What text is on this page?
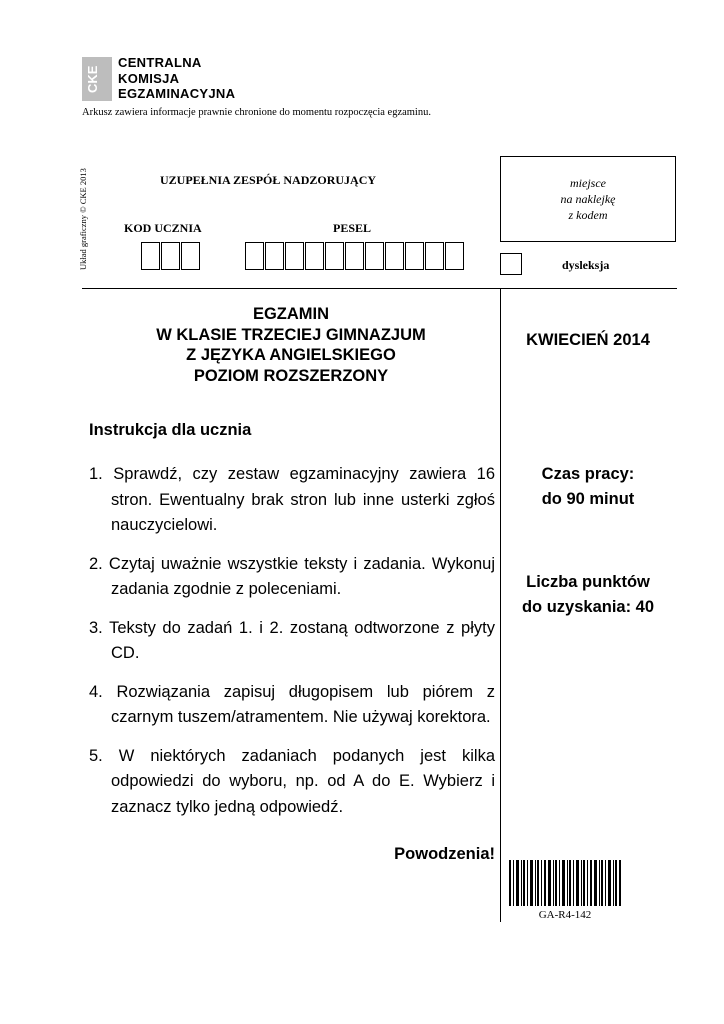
CKE
CENTRALNA
KOMISJA
EGZAMINACYJNA
Arkusz zawiera informacje prawnie chronione do momentu rozpoczęcia egzaminu.
Układ graficzny © CKE 2013	UZUPEŁNIA ZESPÓŁ NADZORUJĄCY
KOD UCZNIA	PESEL
miejsce
na naklejkę
z kodem
dysleksja
EGZAMIN
W KLASIE TRZECIEJ GIMNAZJUM
Z JĘZYKA ANGIELSKIEGO
POZIOM ROZSZERZONY
KWIECIEŃ 2014
Instrukcja dla ucznia
1. Sprawdź, czy zestaw egzaminacyjny zawiera 16 stron. Ewentualny brak stron lub inne usterki zgłoś nauczycielowi.
2. Czytaj uważnie wszystkie teksty i zadania. Wykonuj zadania zgodnie z poleceniami.
3. Teksty do zadań 1. i 2. zostaną odtworzone z płyty CD.
4. Rozwiązania zapisuj długopisem lub piórem z czarnym tuszem/atramentem. Nie używaj korektora.
5. W niektórych zadaniach podanych jest kilka odpowiedzi do wyboru, np. od A do E. Wybierz i zaznacz tylko jedną odpowiedź.
Czas pracy:
do 90 minut
Liczba punktów
do uzyskania: 40
Powodzenia!
GA-R4-142
